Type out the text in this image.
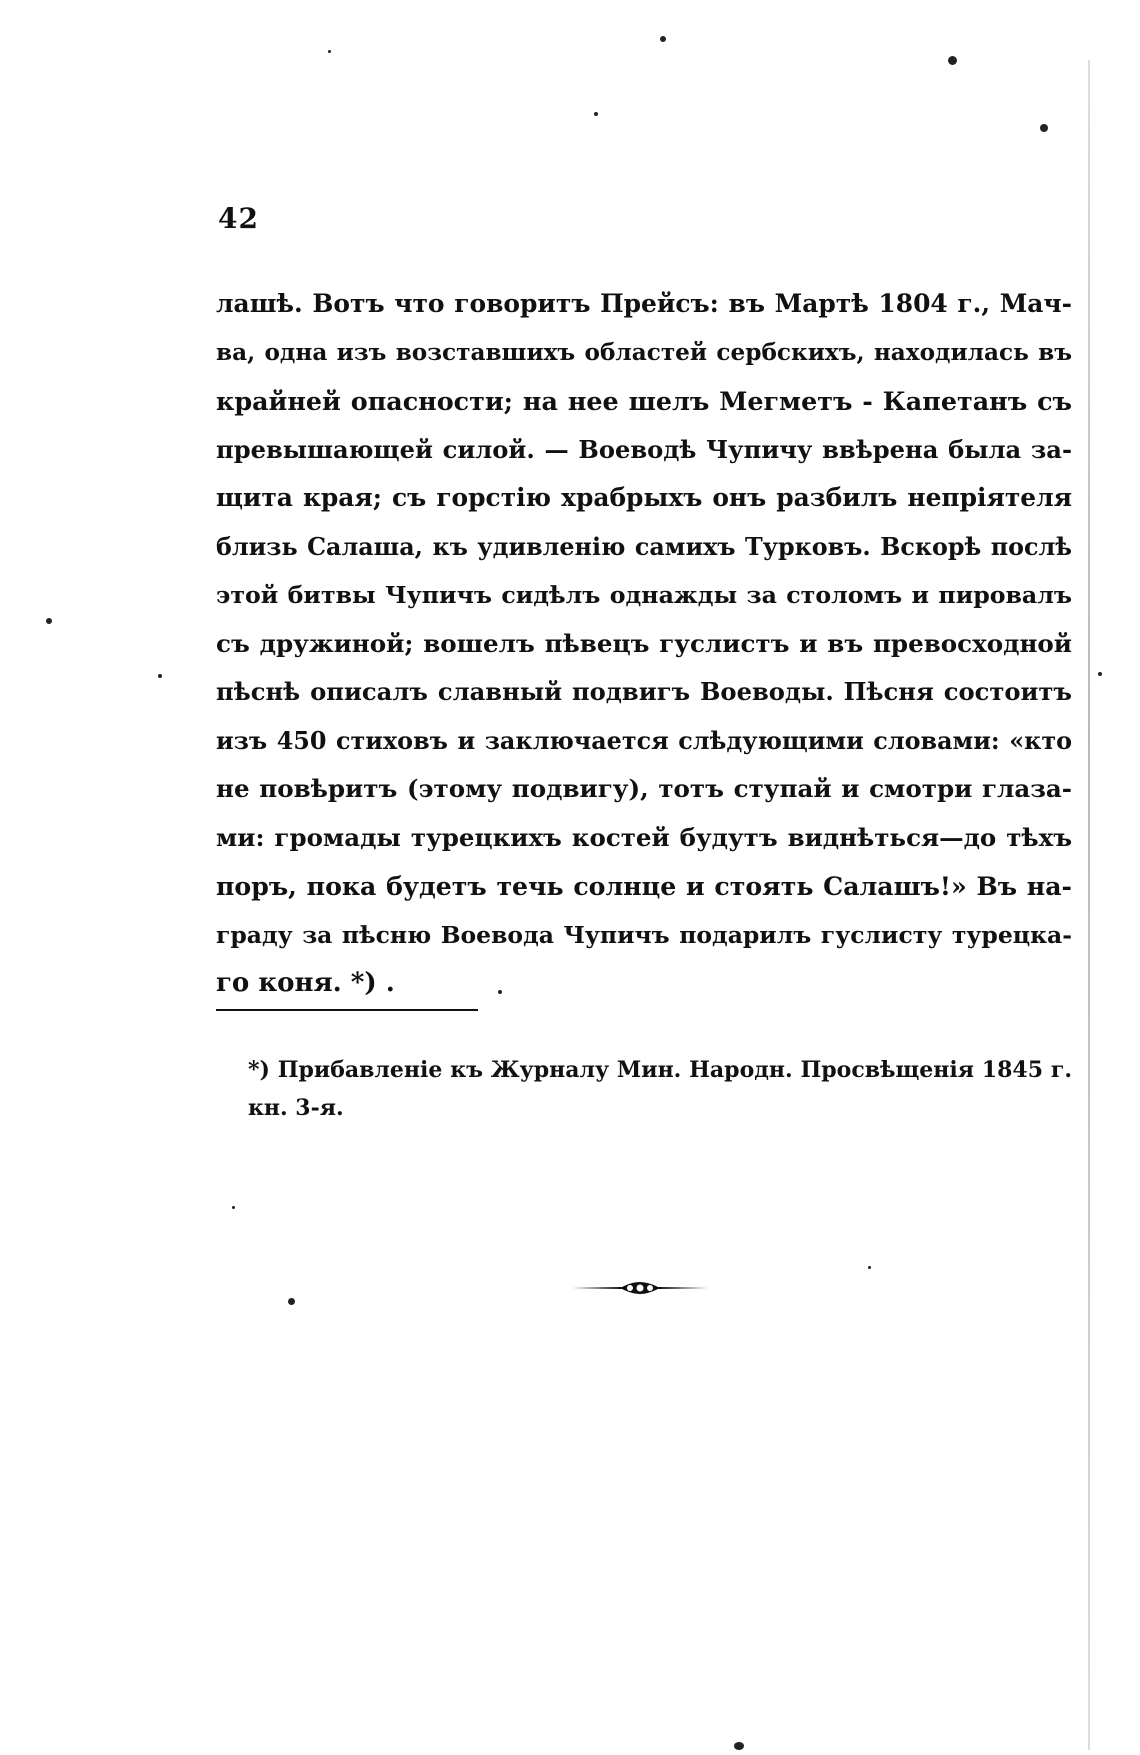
42
лашѣ. Вотъ что говоритъ Прейсъ: въ Мартѣ 1804 г., Мач-
ва, одна изъ возставшихъ областей сербскихъ, находилась въ
крайней опасности; на нее шелъ Мегметъ - Капетанъ съ
превышающей силой. — Воеводѣ Чупичу ввѣрена была за-
щита края; съ горстію храбрыхъ онъ разбилъ непріятеля
близь Салаша, къ удивленію самихъ Турковъ. Вскорѣ послѣ
этой битвы Чупичъ сидѣлъ однажды за столомъ и пировалъ
съ дружиной; вошелъ пѣвецъ гуслистъ и въ превосходной
пѣснѣ описалъ славный подвигъ Воеводы. Пѣсня состоитъ
изъ 450 стиховъ и заключается слѣдующими словами: «кто
не повѣритъ (этому подвигу), тотъ ступай и смотри глаза-
ми: громады турецкихъ костей будутъ виднѣться—до тѣхъ
поръ, пока будетъ течь солнце и стоять Салашъ!» Въ на-
граду за пѣсню Воевода Чупичъ подарилъ гуслисту турецка-
го коня. *) .
*) Прибавленіе къ Журналу Мин. Народн. Просвѣщенія 1845 г.
кн. 3-я.
